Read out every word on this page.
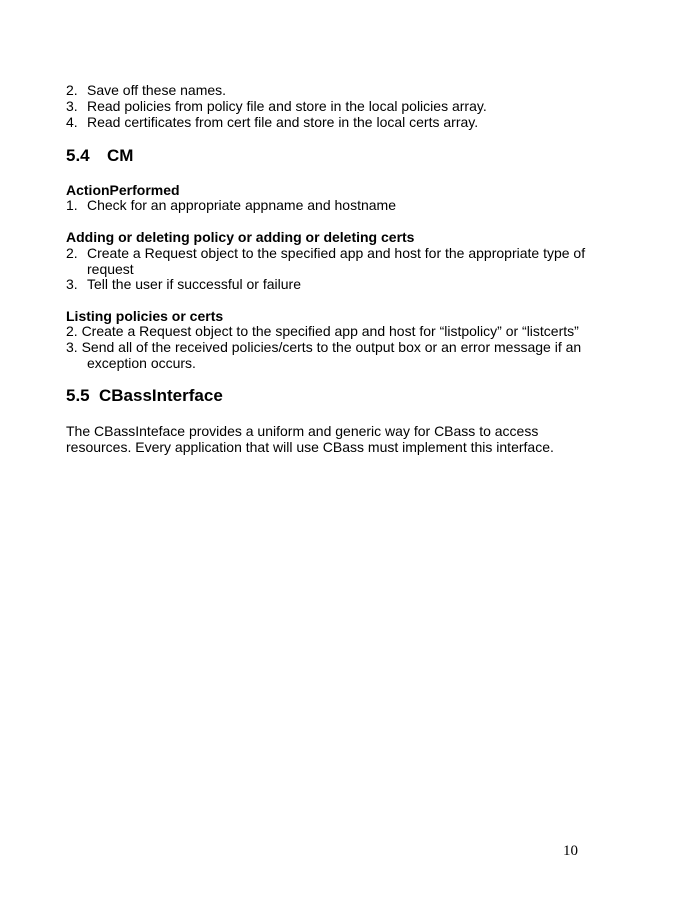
2. Save off these names.
3. Read policies from policy file and store in the local policies array.
4. Read certificates from cert file and store in the local certs array.
5.4 CM
ActionPerformed
1. Check for an appropriate appname and hostname
Adding or deleting policy or adding or deleting certs
2. Create a Request object to the specified app and host for the appropriate type of
request
3. Tell the user if successful or failure
Listing policies or certs
2. Create a Request object to the specified app and host for “listpolicy” or “listcerts”
3. Send all of the received policies/certs to the output box or an error message if an
exception occurs.
5.5 CBassInterface
The CBassInteface provides a uniform and generic way for CBass to access
resources. Every application that will use CBass must implement this interface.
10
